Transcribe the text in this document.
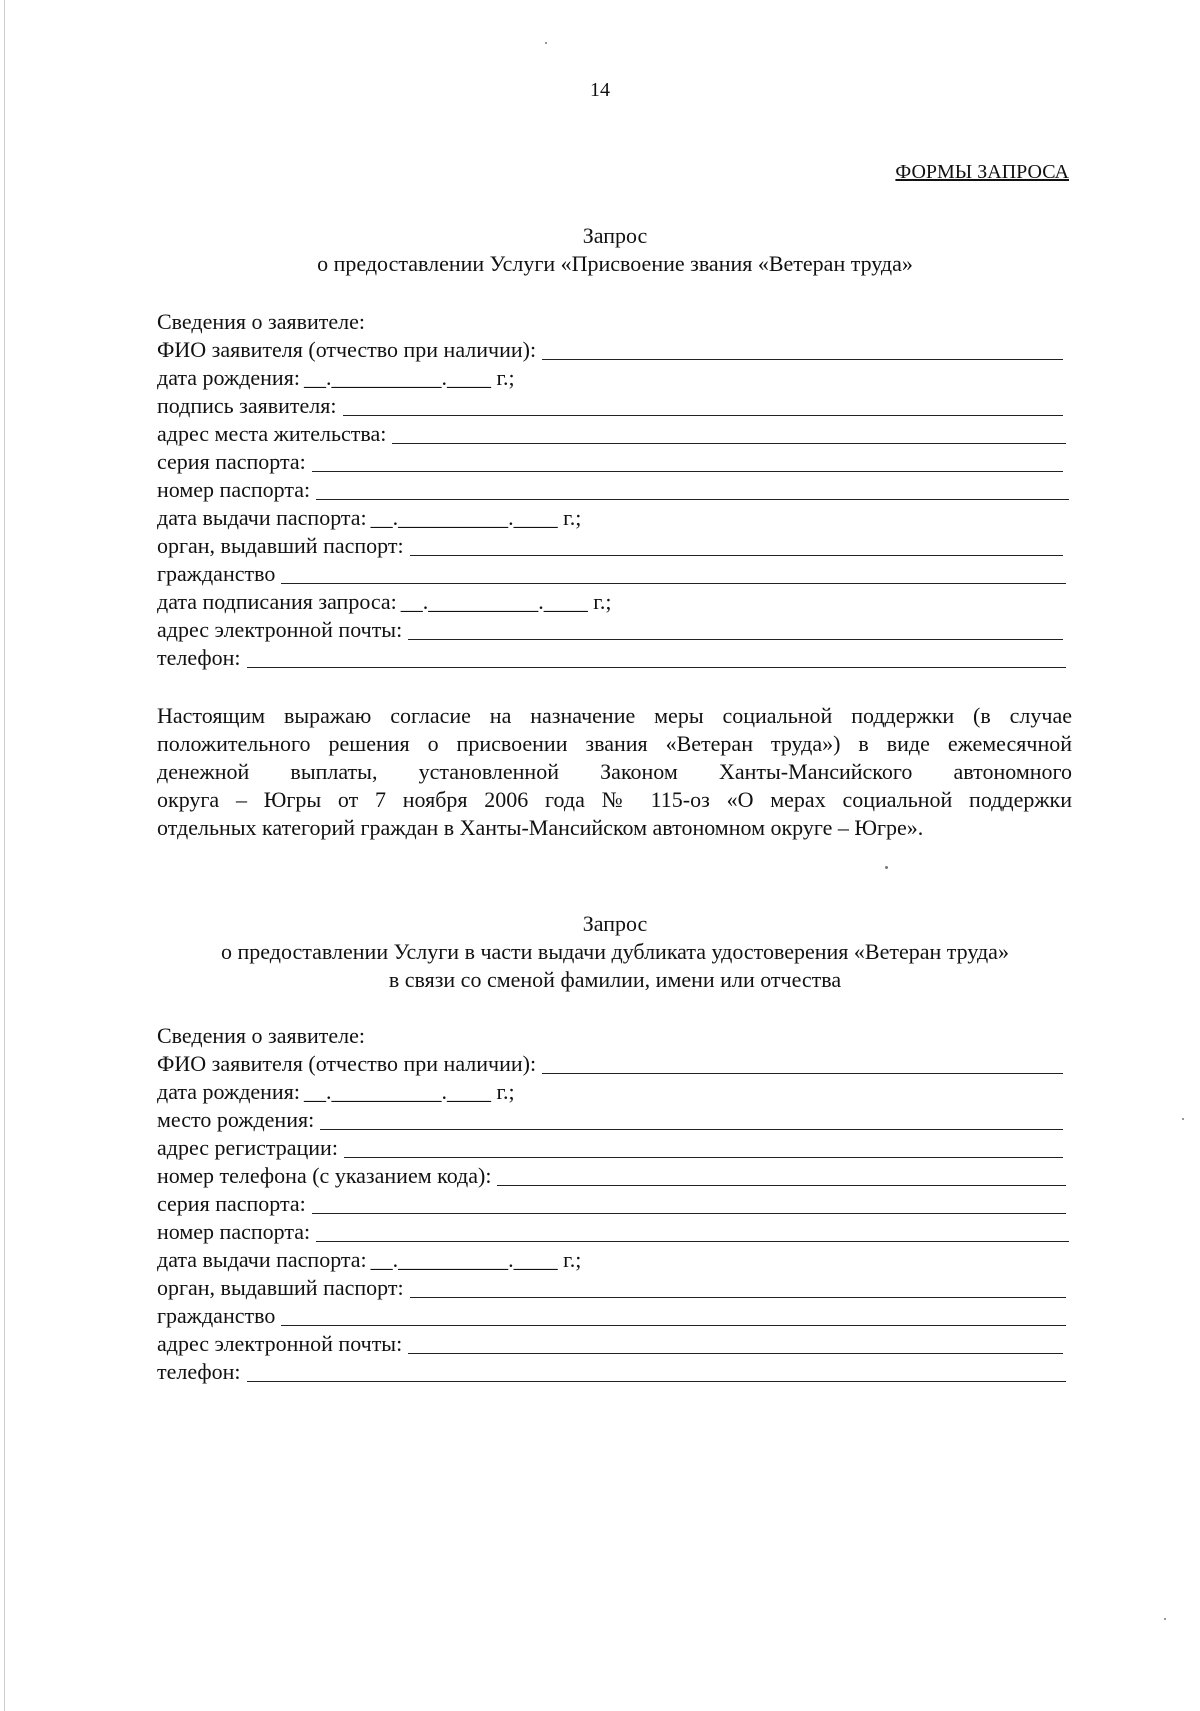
14
ФОРМЫ ЗАПРОСА
Запрос
о предоставлении Услуги «Присвоение звания «Ветеран труда»
Сведения о заявителе:
ФИО заявителя (отчество при наличии):
дата рождения: __.__________.____ г.;
подпись заявителя:
адрес места жительства:
серия паспорта:
номер паспорта:
дата выдачи паспорта: __.__________.____ г.;
орган, выдавший паспорт:
гражданство
дата подписания запроса: __.__________.____ г.;
адрес электронной почты:
телефон:
Настоящим выражаю согласие на назначение меры социальной поддержки (в случае
положительного решения о присвоении звания «Ветеран труда») в виде ежемесячной
денежной выплаты, установленной Законом Ханты-Мансийского автономного
округа – Югры от 7 ноября 2006 года № 115-оз «О мерах социальной поддержки
отдельных категорий граждан в Ханты-Мансийском автономном округе – Югре».
Запрос
о предоставлении Услуги в части выдачи дубликата удостоверения «Ветеран труда»
в связи со сменой фамилии, имени или отчества
Сведения о заявителе:
ФИО заявителя (отчество при наличии):
дата рождения: __.__________.____ г.;
место рождения:
адрес регистрации:
номер телефона (с указанием кода):
серия паспорта:
номер паспорта:
дата выдачи паспорта: __.__________.____ г.;
орган, выдавший паспорт:
гражданство
адрес электронной почты:
телефон:
